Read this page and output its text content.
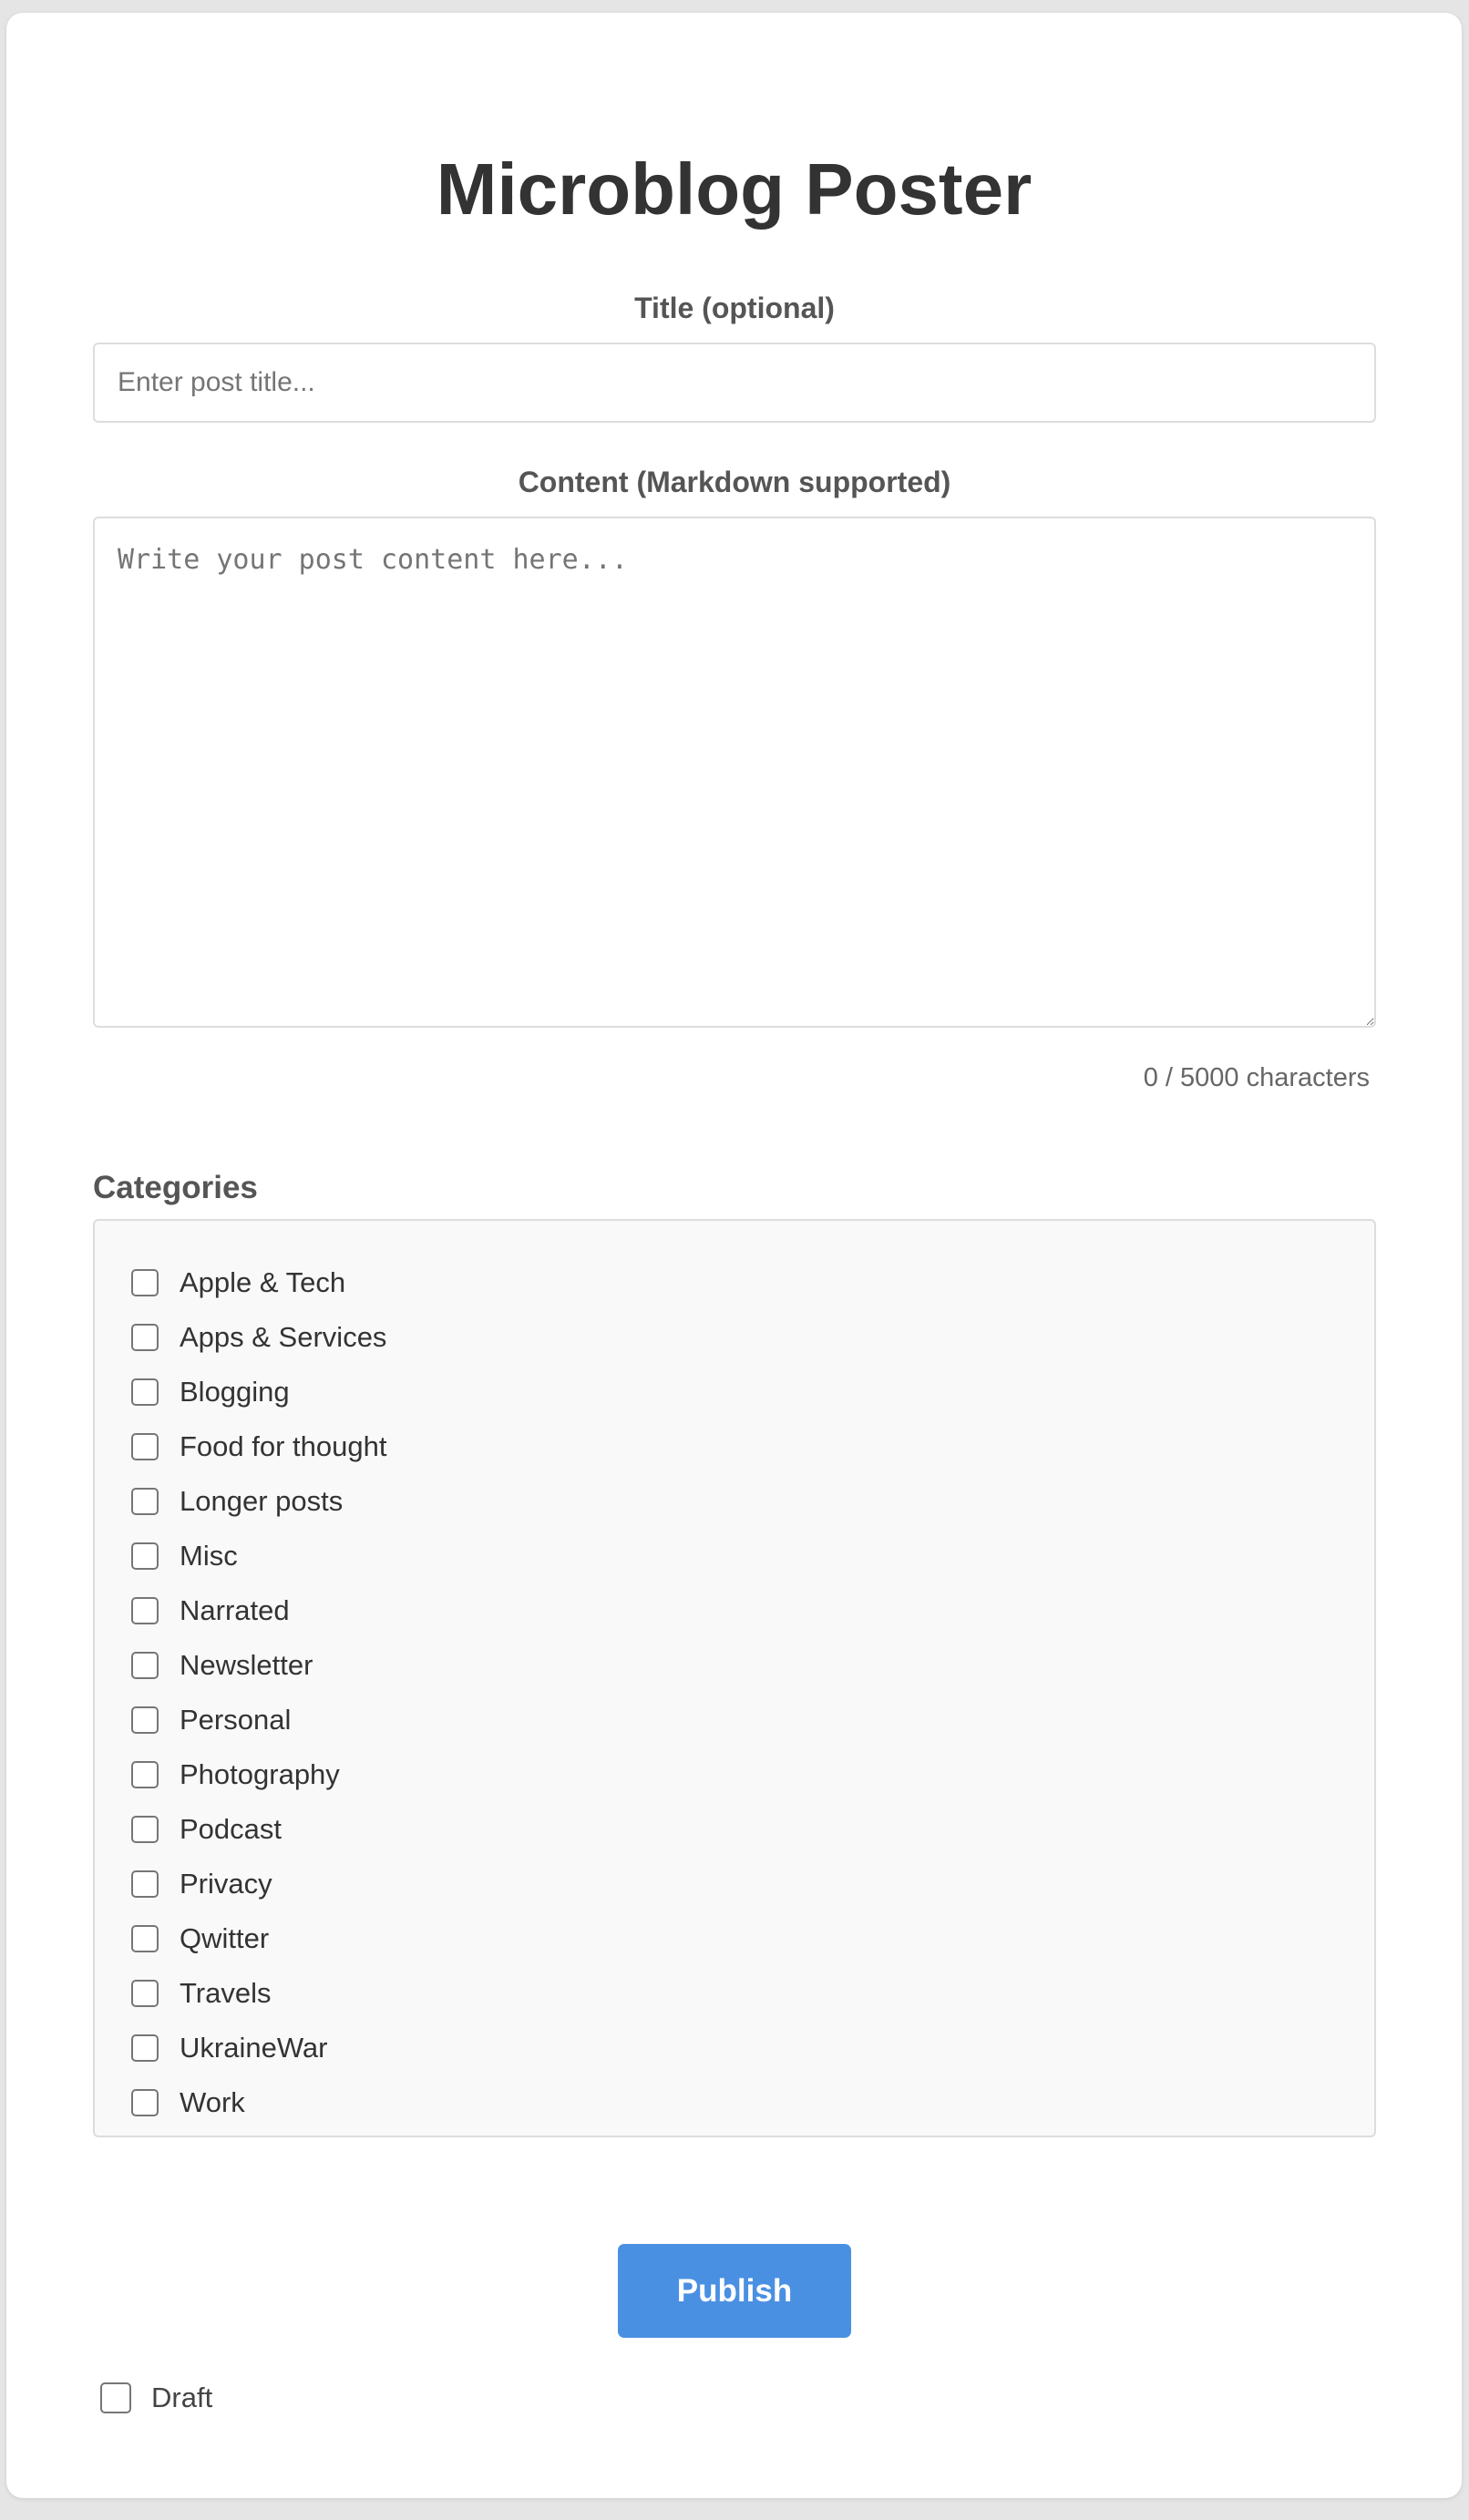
Microblog Poster
Title (optional)
Enter post title...
Content (Markdown supported)
Write your post content here...
0 / 5000 characters
Categories
Apple & Tech
Apps & Services
Blogging
Food for thought
Longer posts
Misc
Narrated
Newsletter
Personal
Photography
Podcast
Privacy
Qwitter
Travels
UkraineWar
Work
Publish
Draft
